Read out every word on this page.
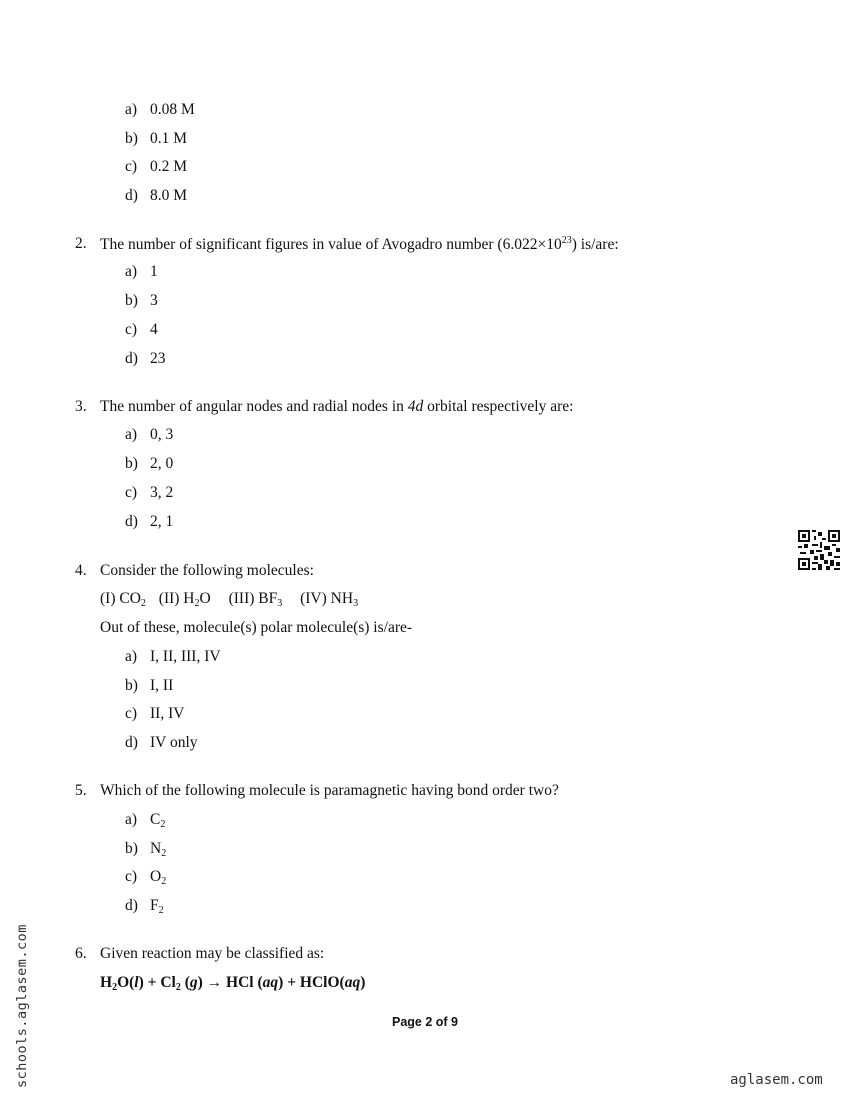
a) 0.08 M
b) 0.1 M
c) 0.2 M
d) 8.0 M
2. The number of significant figures in value of Avogadro number $(6.022\times 10^{23})$ is/are:
a) 1
b) 3
c) 4
d) 23
3. The number of angular nodes and radial nodes in 4d orbital respectively are:
a) 0, 3
b) 2, 0
c) 3, 2
d) 2, 1
4. Consider the following molecules:
(I) $CO_2$ (II) $H_2O$ (III) $BF_3$ (IV) $NH_3$
Out of these, molecule(s) polar molecule(s) is/are-
a) I, II, III, IV
b) I, II
c) II, IV
d) IV only
5. Which of the following molecule is paramagnetic having bond order two?
a) $C_2$
b) $N_2$
c) $O_2$
d) $F_2$
6. Given reaction may be classified as:
$H_2O(l) + Cl_2$ (g) → HCl (aq) + HClO(aq)
Page 2 of 9
schools.aglasem.com	aglasem.com
